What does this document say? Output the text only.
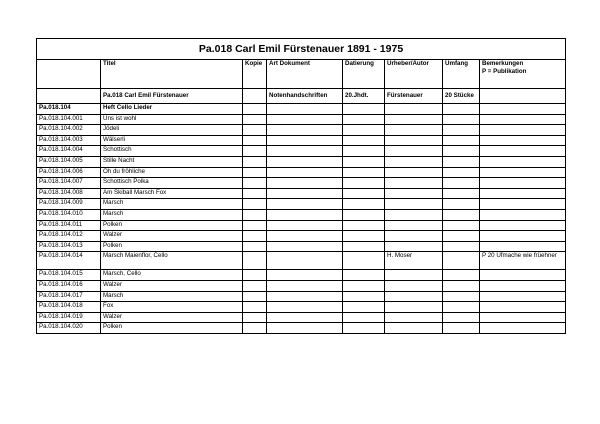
Pa.018 Carl Emil Fürstenauer 1891 - 1975							
	Titel	Kopie	Art Dokument	Datierung	Urheber/Autor	Umfang	Bemerkungen
P = Publikation

	Pa.018 Carl Emil Fürstenauer		Notenhandschriften	20.Jhdt.	Fürstenauer	20 Stücke	
Pa.018.104	Heft Cello Lieder						
Pa.018.104.001	Uns ist wohl						
Pa.018.104.002	Jödeli						
Pa.018.104.003	Wälserli						
Pa.018.104.004	Schottisch						
Pa.018.104.005	Stille Nacht						
Pa.018.104.006	Oh du fröhliche						
Pa.018.104.007	Schottisch Polka						
Pa.018.104.008	Am Skiball Marsch Fox						
Pa.018.104.009	Marsch						
Pa.018.104.010	Marsch						
Pa.018.104.011	Polken						
Pa.018.104.012	Walzer						
Pa.018.104.013	Polken						
Pa.018.104.014	Marsch Maienflor, Cello				H. Moser		P 20 Ufmache wie früehner
Pa.018.104.015	Marsch, Cello						
Pa.018.104.016	Walzer						
Pa.018.104.017	Marsch						
Pa.018.104.018	Fox						
Pa.018.104.019	Walzer						
Pa.018.104.020	Polken						
